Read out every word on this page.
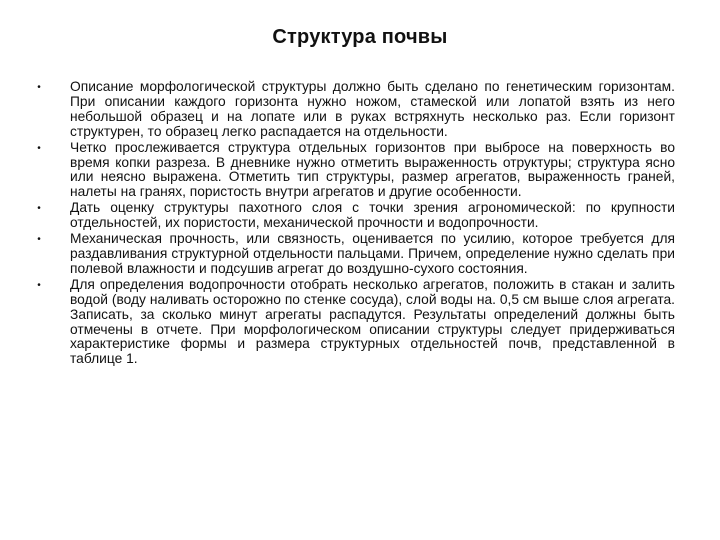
Структура почвы
• Описание морфологической структуры должно быть сделано по генетическим горизонтам. При описании каждого горизонта нужно ножом, стамеской или лопатой взять из него небольшой образец и на лопате или в руках встряхнуть несколько раз. Если горизонт структурен, то образец легко распадается на отдельности.
• Четко прослеживается структура отдельных горизонтов при выбросе на поверхность во время копки разреза. В дневнике нужно отметить выраженность отруктуры; структура ясно или неясно выражена. Отметить тип структуры, размер агрегатов, выраженность граней, налеты на гранях, пористость внутри агрегатов и другие особенности.
• Дать оценку структуры пахотного слоя с точки зрения агрономической: по крупности отдельностей, их пористости, механической прочности и водопрочности.
• Механическая прочность, или связность, оценивается по усилию, которое требуется для раздавливания структурной отдельности пальцами. Причем, определение нужно сделать при полевой влажности и подсушив агрегат до воздушно-сухого состояния.
• Для определения водопрочности отобрать несколько агрегатов, положить в стакан и залить водой (воду наливать осторожно по стенке сосуда), слой воды на. 0,5 см выше слоя агрегата. Записать, за сколько минут агрегаты распадутся. Результаты определений должны быть отмечены в отчете. При морфологическом описании структуры следует придерживаться характеристике формы и размера структурных отдельностей почв, представленной в таблице 1.
